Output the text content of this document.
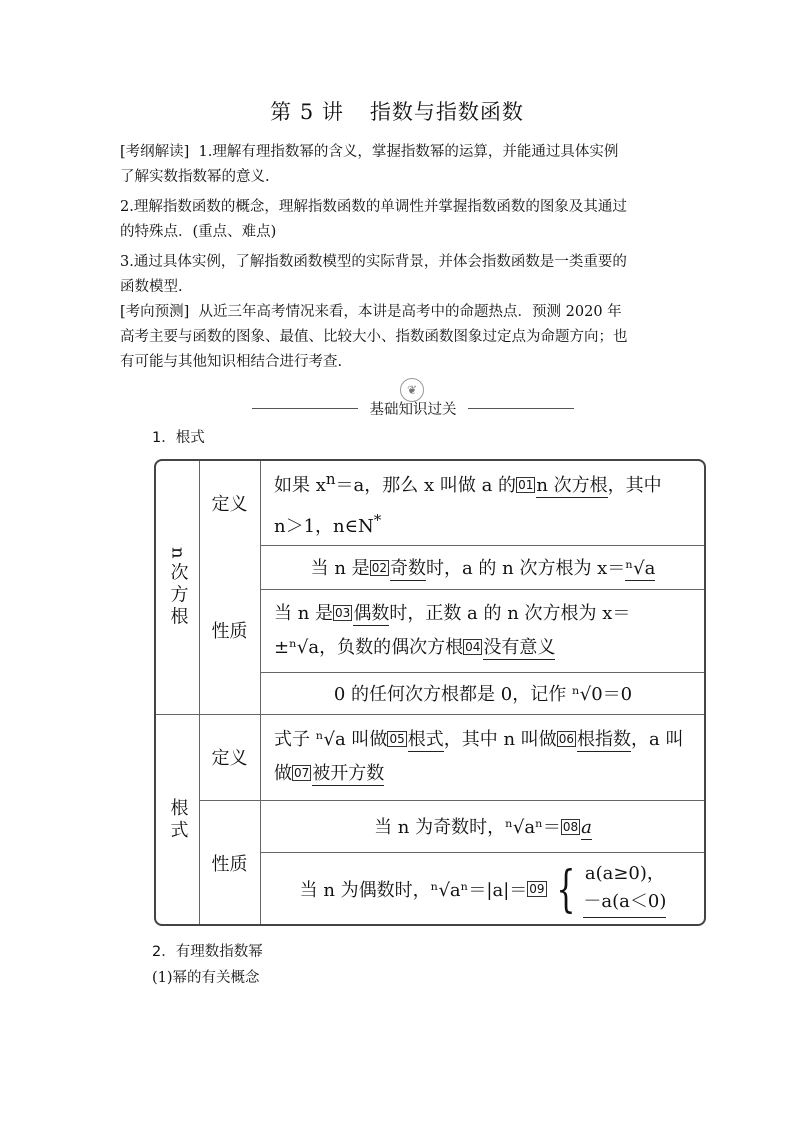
第 5 讲 指数与指数函数

[考纲解读] 1.理解有理指数幂的含义，掌握指数幂的运算，并能通过具体实例

了解实数指数幂的意义.

2.理解指数函数的概念，理解指数函数的单调性并掌握指数函数的图象及其通过

的特殊点．(重点、难点)

3.通过具体实例，了解指数函数模型的实际背景，并体会指数函数是一类重要的

函数模型.

[考向预测] 从近三年高考情况来看，本讲是高考中的命题热点．预测 2020 年

高考主要与函数的图象、最值、比较大小、指数函数图象过定点为命题方向；也

有可能与其他知识相结合进行考查.

❦
基础知识过关
1．根式
n次方根
根式
定义
性质
定义
性质

如果 $x^n=a$，那么 x 叫做 a 的 01 n 次方根，其中

n＞1，n∈N*

当 n 是 02 奇数时，a 的 n 次方根为 x＝ⁿ√a

当 n 是 03 偶数时，正数 a 的 n 次方根为 x＝

±ⁿ√a，负数的偶次方根 04 没有意义

0 的任何次方根都是 0，记作 ⁿ√0＝0

式子 ⁿ√a 叫做 05 根式，其中 n 叫做 06 根指数，a 叫

做 07 被开方数

当 n 为奇数时，ⁿ√aⁿ＝ 08 a
当 n 为偶数时，ⁿ√aⁿ＝|a|＝ 09 { a(a≥0)，
－a(a＜0)
2．有理数指数幂
(1)幂的有关概念
